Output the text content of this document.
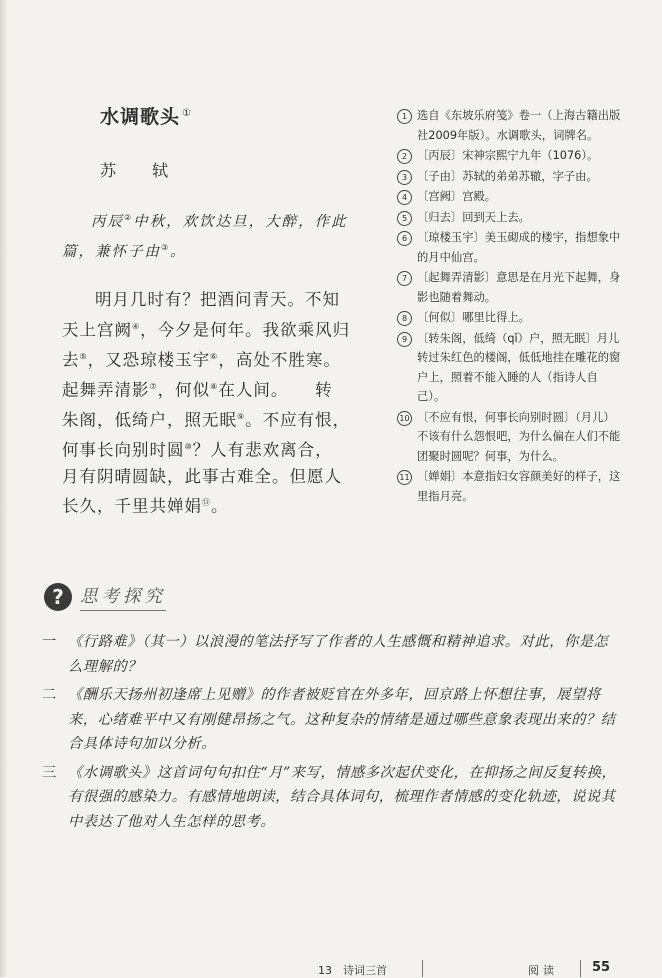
水调歌头 ①
苏　轼
丙辰②中秋，欢饮达旦，大醉，作此篇，兼怀子由③。
明月几时有？把酒问青天。不知
天上宫阙④，今夕是何年。我欲乘风归
去⑤，又恐琼楼玉宇⑥，高处不胜寒。
起舞弄清影⑦，何似⑧在人间。　　转
朱阁，低绮户，照无眠⑨。不应有恨，
何事长向别时圆⑩？人有悲欢离合，
月有阴晴圆缺，此事古难全。但愿人
长久，千里共婵娟⑪。
1 选自《东坡乐府笺》卷一（上海古籍出版社2009年版）。水调歌头，词牌名。
2 〔丙辰〕宋神宗熙宁九年（1076）。
3 〔子由〕苏轼的弟弟苏辙，字子由。
4 〔宫阙〕宫殿。
5 〔归去〕回到天上去。
6 〔琼楼玉宇〕美玉砌成的楼宇，指想象中的月中仙宫。
7 〔起舞弄清影〕意思是在月光下起舞，身影也随着舞动。
8 〔何似〕哪里比得上。
9 〔转朱阁，低绮（qǐ）户，照无眠〕月儿转过朱红色的楼阁，低低地挂在雕花的窗户上，照着不能入睡的人（指诗人自己）。
10 〔不应有恨，何事长向别时圆〕（月儿）不该有什么怨恨吧，为什么偏在人们不能团聚时圆呢？何事，为什么。
11 〔婵娟〕本意指妇女容颜美好的样子，这里指月亮。
? 思考探究
一 《行路难》（其一）以浪漫的笔法抒写了作者的人生感慨和精神追求。对此，你是怎么理解的？
二 《酬乐天扬州初逢席上见赠》的作者被贬官在外多年，回京路上怀想往事，展望将来，心绪难平中又有刚健昂扬之气。这种复杂的情绪是通过哪些意象表现出来的？结合具体诗句加以分析。
三 《水调歌头》这首词句句扣住“月”来写，情感多次起伏变化，在抑扬之间反复转换，有很强的感染力。有感情地朗读，结合具体词句，梳理作者情感的变化轨迹，说说其中表达了他对人生怎样的思考。
13　诗词三首	阅读	55
